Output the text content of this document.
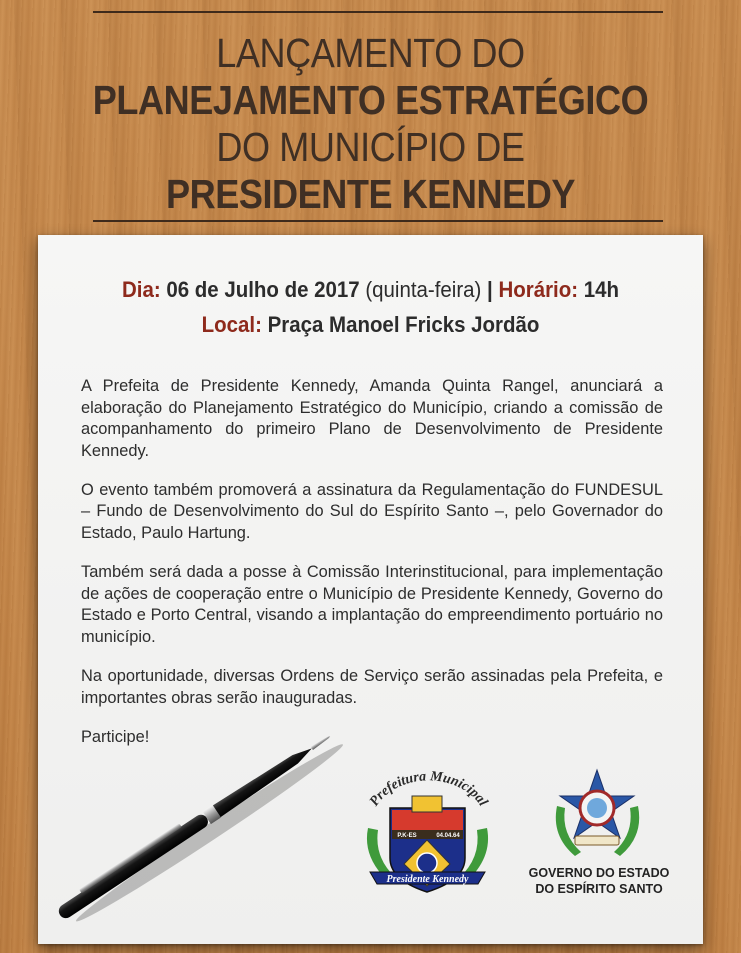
LANÇAMENTO DO
PLANEJAMENTO ESTRATÉGICO
DO MUNICÍPIO DE
PRESIDENTE KENNEDY
Dia: 06 de Julho de 2017 (quinta-feira) | Horário: 14h
Local: Praça Manoel Fricks Jordão

A Prefeita de Presidente Kennedy, Amanda Quinta Rangel, anunciará a elaboração do Planejamento Estratégico do Município, criando a comissão de acompanhamento do primeiro Plano de Desenvolvimento de Presidente Kennedy.

O evento também promoverá a assinatura da Regulamentação do FUNDESUL – Fundo de Desenvolvimento do Sul do Espírito Santo –, pelo Governador do Estado, Paulo Hartung.

Também será dada a posse à Comissão Interinstitucional, para implementação de ações de cooperação entre o Município de Presidente Kennedy, Governo do Estado e Porto Central, visando a implantação do empreendimento portuário no município.

Na oportunidade, diversas Ordens de Serviço serão assinadas pela Prefeita, e importantes obras serão inauguradas.

Participe!

Prefeitura Municipal
P.K-ES	04.04.64
Presidente Kennedy	GOVERNO DO ESTADO
DO ESPÍRITO SANTO
